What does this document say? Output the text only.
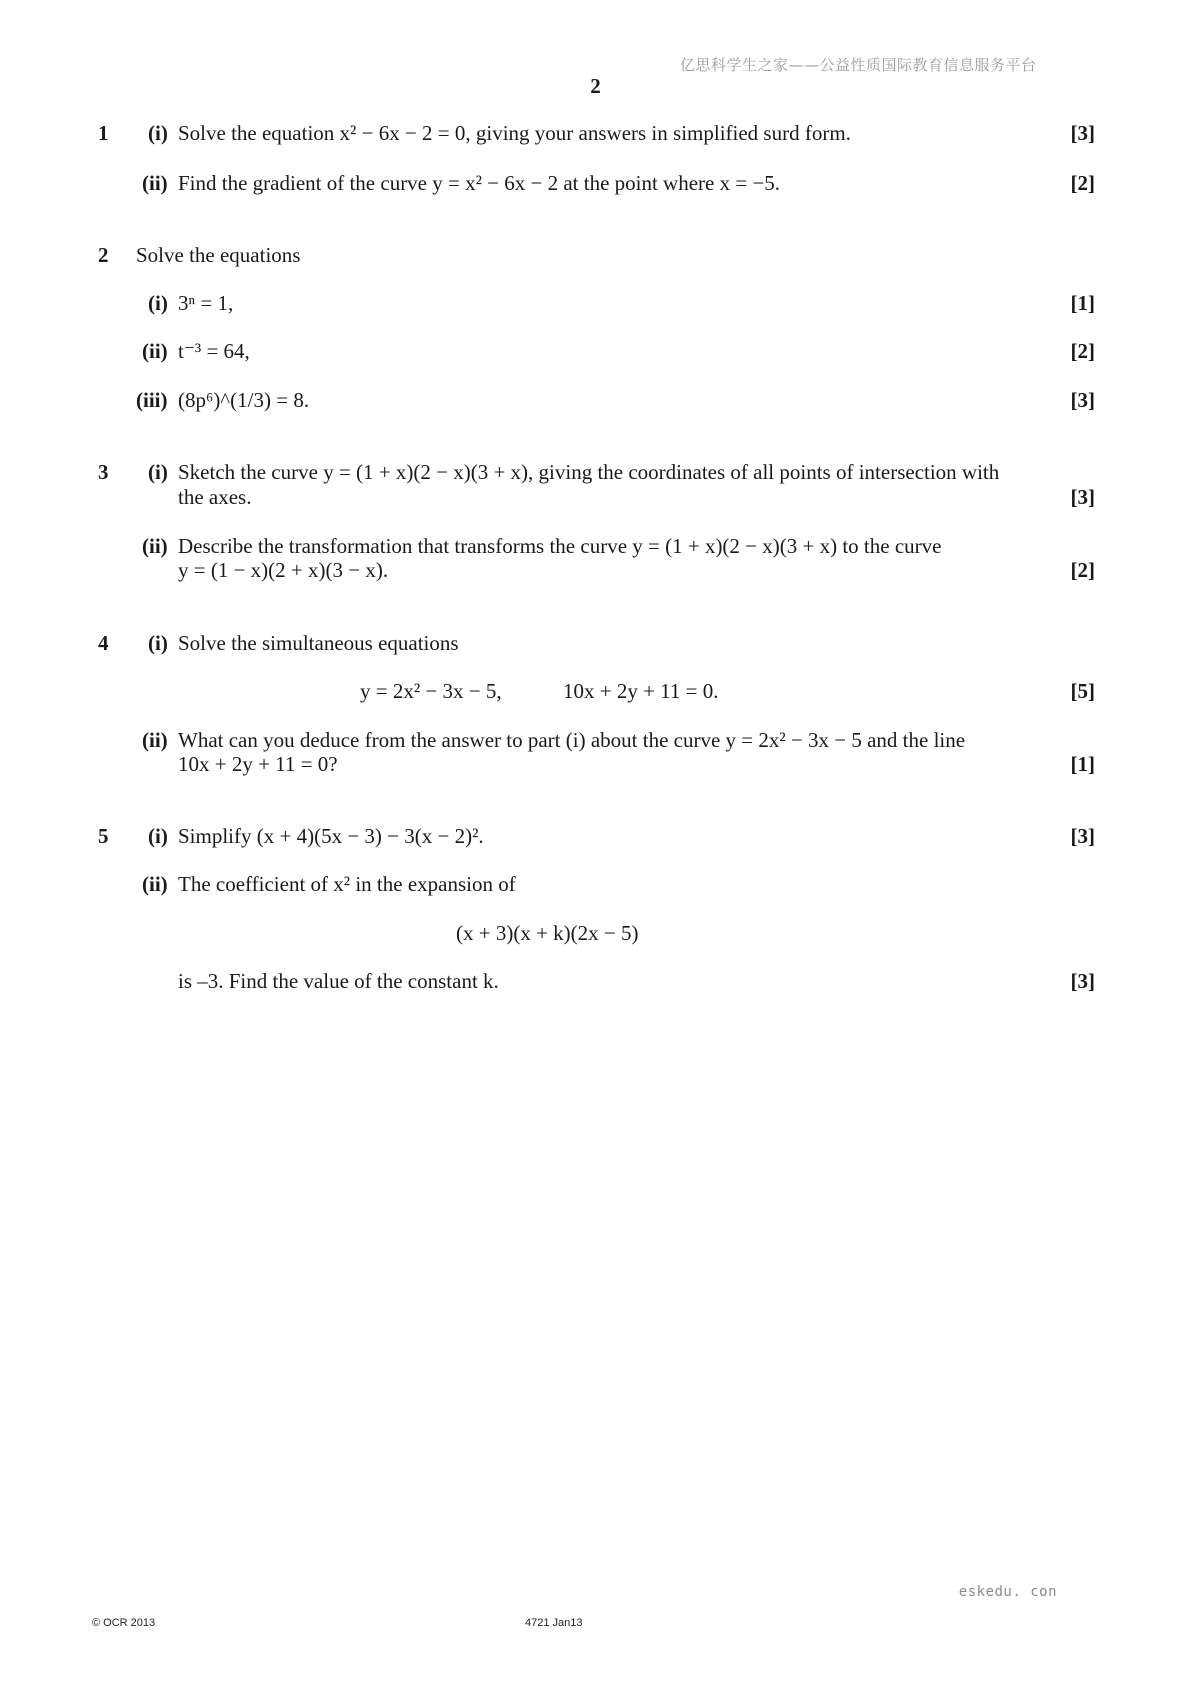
亿思科学生之家——公益性质国际教育信息服务平台
2
1 (i) Solve the equation x² − 6x − 2 = 0, giving your answers in simplified surd form.	[3]
(ii) Find the gradient of the curve y = x² − 6x − 2 at the point where x = −5.	[2]
2 Solve the equations
(i) 3ⁿ = 1,	[1]
(ii) t⁻³ = 64,	[2]
(iii) (8p⁶)^(1/3) = 8.	[3]
3 (i) Sketch the curve y = (1 + x)(2 − x)(3 + x), giving the coordinates of all points of intersection with
the axes.	[3]
(ii) Describe the transformation that transforms the curve y = (1 + x)(2 − x)(3 + x) to the curve
y = (1 − x)(2 + x)(3 − x).	[2]
4 (i) Solve the simultaneous equations
y = 2x² − 3x − 5,	10x + 2y + 11 = 0.	[5]
(ii) What can you deduce from the answer to part (i) about the curve y = 2x² − 3x − 5 and the line
10x + 2y + 11 = 0?	[1]
5 (i) Simplify (x + 4)(5x − 3) − 3(x − 2)².	[3]
(ii) The coefficient of x² in the expansion of
(x + 3)(x + k)(2x − 5)
is –3. Find the value of the constant k.	[3]
eskedu. con
© OCR 2013	4721 Jan13
